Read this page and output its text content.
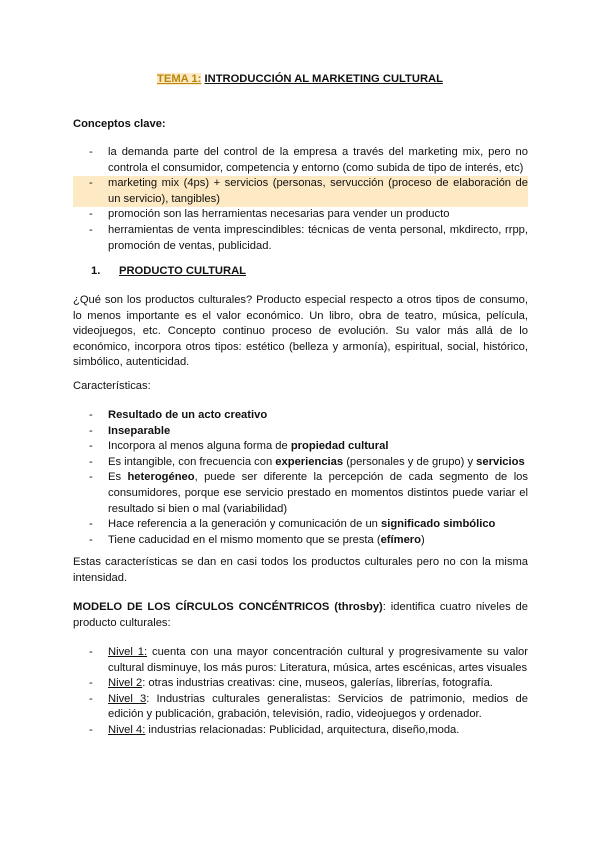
TEMA 1: INTRODUCCIÓN AL MARKETING CULTURAL
Conceptos clave:
- la demanda parte del control de la empresa a través del marketing mix, pero no controla el consumidor, competencia y entorno (como subida de tipo de interés, etc)
- marketing mix (4ps) + servicios (personas, servucción (proceso de elaboración de un servicio), tangibles)
- promoción son las herramientas necesarias para vender un producto
- herramientas de venta imprescindibles: técnicas de venta personal, mkdirecto, rrpp, promoción de ventas, publicidad.
1. PRODUCTO CULTURAL
¿Qué son los productos culturales? Producto especial respecto a otros tipos de consumo, lo menos importante es el valor económico. Un libro, obra de teatro, música, película, videojuegos, etc. Concepto continuo proceso de evolución. Su valor más allá de lo económico, incorpora otros tipos: estético (belleza y armonía), espiritual, social, histórico, simbólico, autenticidad.
Características:
- Resultado de un acto creativo
- Inseparable
- Incorpora al menos alguna forma de propiedad cultural
- Es intangible, con frecuencia con experiencias (personales y de grupo) y servicios
- Es heterogéneo, puede ser diferente la percepción de cada segmento de los consumidores, porque ese servicio prestado en momentos distintos puede variar el resultado si bien o mal (variabilidad)
- Hace referencia a la generación y comunicación de un significado simbólico
- Tiene caducidad en el mismo momento que se presta (efímero)
Estas características se dan en casi todos los productos culturales pero no con la misma intensidad.
MODELO DE LOS CÍRCULOS CONCÉNTRICOS (throsby): identifica cuatro niveles de producto culturales:
- Nivel 1: cuenta con una mayor concentración cultural y progresivamente su valor cultural disminuye, los más puros: Literatura, música, artes escénicas, artes visuales
- Nivel 2: otras industrias creativas: cine, museos, galerías, librerías, fotografía.
- Nivel 3: Industrias culturales generalistas: Servicios de patrimonio, medios de edición y publicación, grabación, televisión, radio, videojuegos y ordenador.
- Nivel 4: industrias relacionadas: Publicidad, arquitectura, diseño,moda.
